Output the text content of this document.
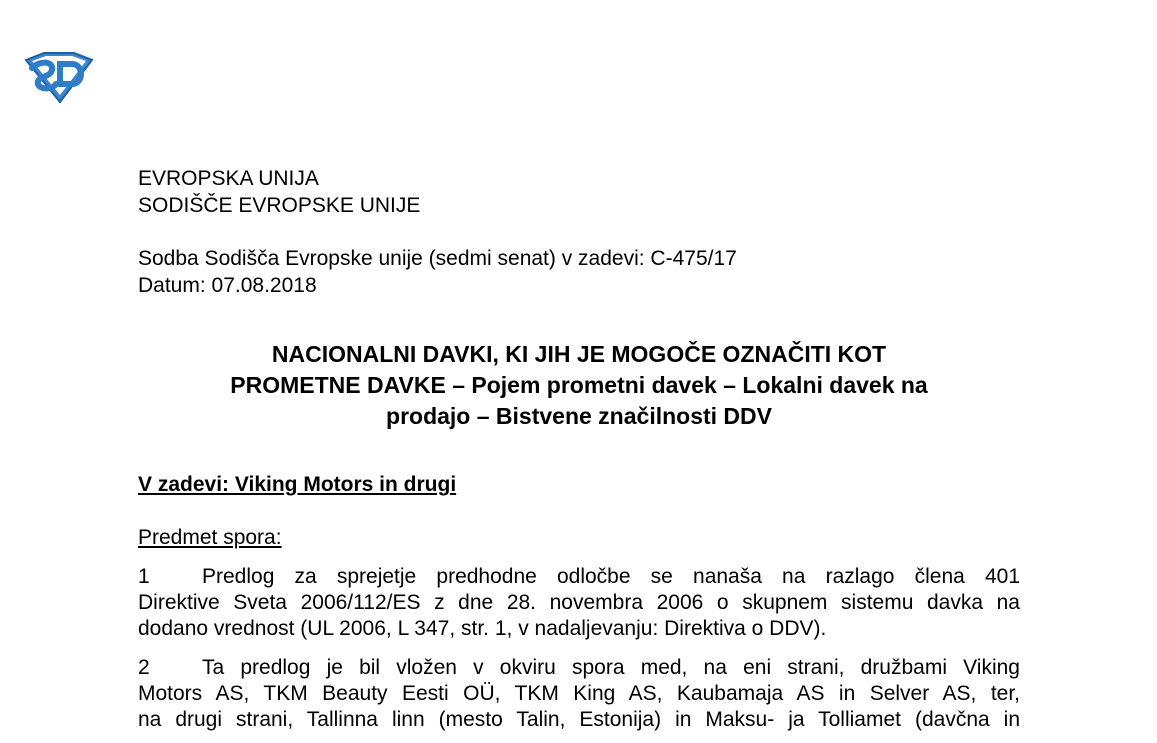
EVROPSKA UNIJA
SODIŠČE EVROPSKE UNIJE
Sodba Sodišča Evropske unije (sedmi senat) v zadevi: C-475/17
Datum: 07.08.2018
NACIONALNI DAVKI, KI JIH JE MOGOČE OZNAČITI KOT
PROMETNE DAVKE – Pojem prometni davek – Lokalni davek na
prodajo – Bistvene značilnosti DDV
V zadevi: Viking Motors in drugi
Predmet spora:
1 Predlog za sprejetje predhodne odločbe se nanaša na razlago člena 401
Direktive Sveta 2006/112/ES z dne 28. novembra 2006 o skupnem sistemu davka na
dodano vrednost (UL 2006, L 347, str. 1, v nadaljevanju: Direktiva o DDV).
2 Ta predlog je bil vložen v okviru spora med, na eni strani, družbami Viking
Motors AS, TKM Beauty Eesti OÜ, TKM King AS, Kaubamaja AS in Selver AS, ter,
na drugi strani, Tallinna linn (mesto Talin, Estonija) in Maksu- ja Tolliamet (davčna in
